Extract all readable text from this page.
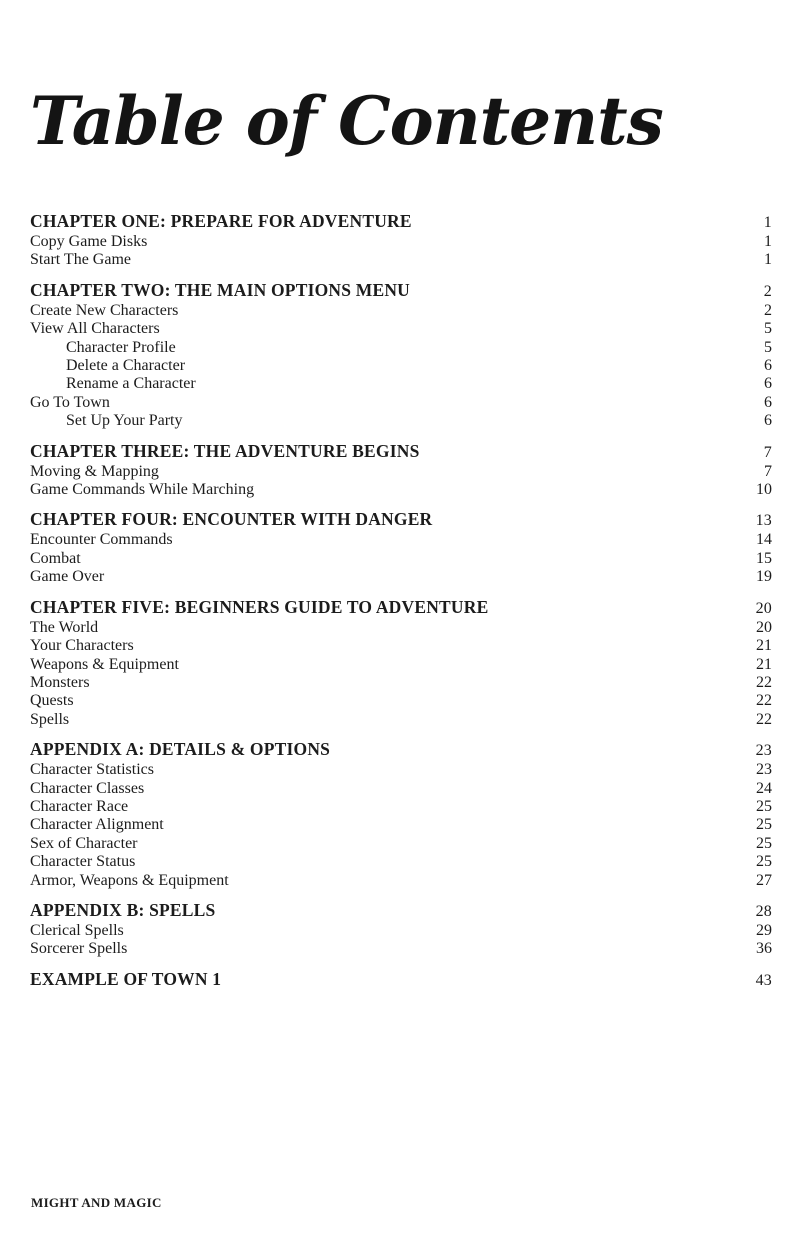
Table of Contents
CHAPTER ONE: PREPARE FOR ADVENTURE	1
Copy Game Disks	1
Start The Game	1
CHAPTER TWO: THE MAIN OPTIONS MENU	2
Create New Characters	2
View All Characters	5
Character Profile	5
Delete a Character	6
Rename a Character	6
Go To Town	6
Set Up Your Party	6
CHAPTER THREE: THE ADVENTURE BEGINS	7
Moving & Mapping	7
Game Commands While Marching	10
CHAPTER FOUR: ENCOUNTER WITH DANGER	13
Encounter Commands	14
Combat	15
Game Over	19
CHAPTER FIVE: BEGINNERS GUIDE TO ADVENTURE	20
The World	20
Your Characters	21
Weapons & Equipment	21
Monsters	22
Quests	22
Spells	22
APPENDIX A: DETAILS & OPTIONS	23
Character Statistics	23
Character Classes	24
Character Race	25
Character Alignment	25
Sex of Character	25
Character Status	25
Armor, Weapons & Equipment	27
APPENDIX B: SPELLS	28
Clerical Spells	29
Sorcerer Spells	36
EXAMPLE OF TOWN 1	43
MIGHT AND MAGIC
